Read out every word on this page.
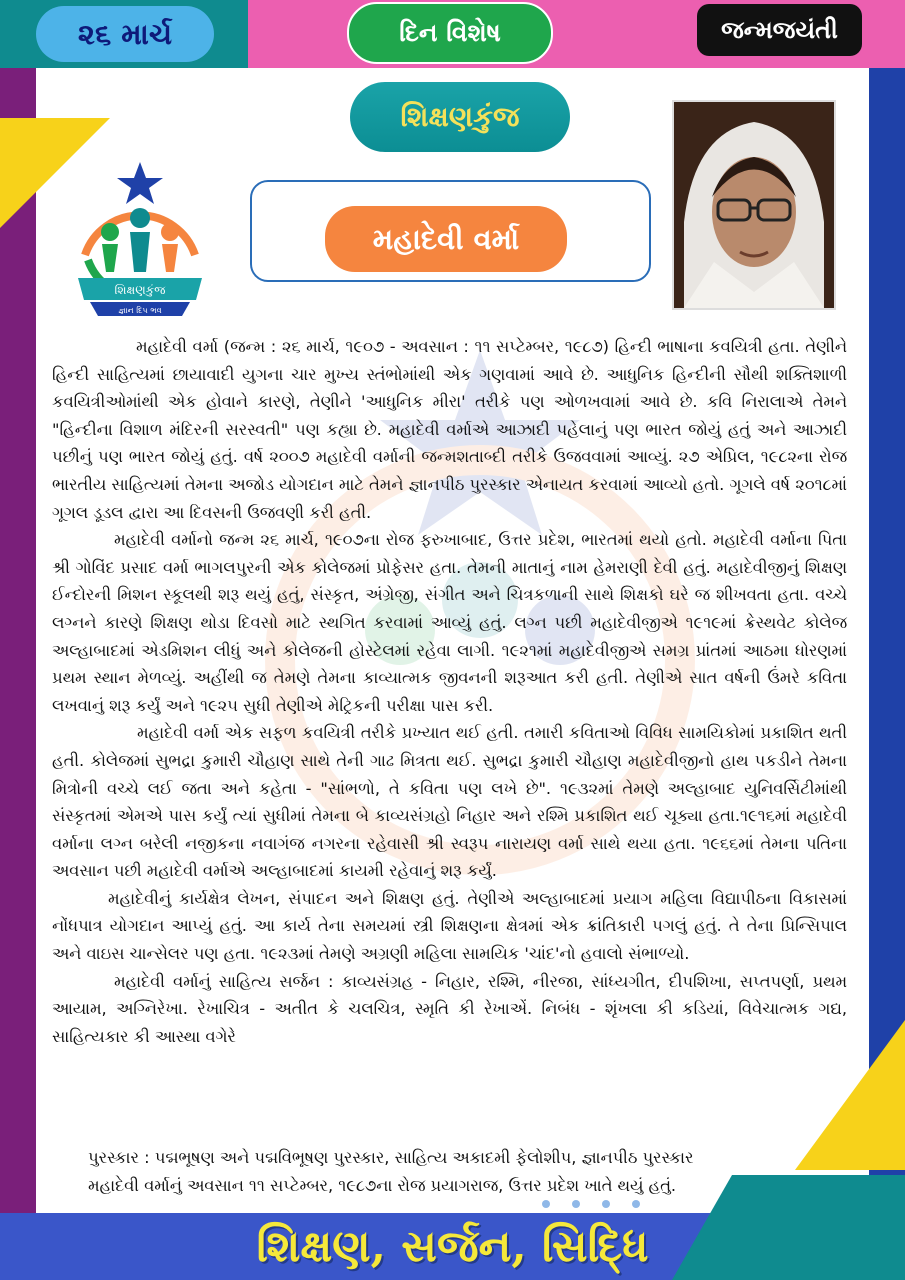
૨૬ માર્ચ	દિન વિશેષ	જન્મજયંતી
શિક્ષણકુંજ
મહાદેવી વર્મા
શિક્ષણકુંજ
જ્ઞાન દિપ ભવ

મહાદેવી વર્મા (જન્મ : ૨૬ માર્ચ, ૧૯૦૭ - અવસાન : ૧૧ સપ્ટેમ્બર, ૧૯૮૭) હિન્દી ભાષાના કવયિત્રી હતા. તેણીને હિન્દી સાહિત્યમાં છાયાવાદી યુગના ચાર મુખ્ય સ્તંભોમાંથી એક ગણવામાં આવે છે. આધુનિક હિન્દીની સૌથી શક્તિશાળી કવયિત્રીઓમાંથી એક હોવાને કારણે, તેણીને 'આધુનિક મીરા' તરીકે પણ ઓળખવામાં આવે છે. કવિ નિરાલાએ તેમને "હિન્દીના વિશાળ મંદિરની સરસ્વતી" પણ કહ્યા છે. મહાદેવી વર્માએ આઝાદી પહેલાનું પણ ભારત જોયું હતું અને આઝાદી પછીનું પણ ભારત જોયું હતું. વર્ષ ૨૦૦૭ મહાદેવી વર્માની જન્મશતાબ્દી તરીકે ઉજવવામાં આવ્યું. ૨૭ એપ્રિલ, ૧૯૮૨ના રોજ ભારતીય સાહિત્યમાં તેમના અજોડ યોગદાન માટે તેમને જ્ઞાનપીઠ પુરસ્કાર એનાયત કરવામાં આવ્યો હતો. ગૂગલે વર્ષ ૨૦૧૮માં ગૂગલ ડૂડલ દ્વારા આ દિવસની ઉજવણી કરી હતી.

મહાદેવી વર્માનો જન્મ ૨૬ માર્ચ, ૧૯૦૭ના રોજ ફરુખાબાદ, ઉત્તર પ્રદેશ, ભારતમાં થયો હતો. મહાદેવી વર્માના પિતા શ્રી ગોવિંદ પ્રસાદ વર્મા ભાગલપુરની એક કોલેજમાં પ્રોફેસર હતા. તેમની માતાનું નામ હેમરાણી દેવી હતું. મહાદેવીજીનું શિક્ષણ ઈન્દોરની મિશન સ્કૂલથી શરૂ થયું હતું, સંસ્કૃત, અંગ્રેજી, સંગીત અને ચિત્રકળાની સાથે શિક્ષકો ઘરે જ શીખવતા હતા. વચ્ચે લગ્નને કારણે શિક્ષણ થોડા દિવસો માટે સ્થગિત કરવામાં આવ્યું હતું. લગ્ન પછી મહાદેવીજીએ ૧૯૧૯માં ક્રેસ્થવેટ કોલેજ અલ્હાબાદમાં એડમિશન લીધું અને કોલેજની હોસ્ટેલમાં રહેવા લાગી. ૧૯૨૧માં મહાદેવીજીએ સમગ્ર પ્રાંતમાં આઠમા ધોરણમાં પ્રથમ સ્થાન મેળવ્યું. અહીંથી જ તેમણે તેમના કાવ્યાત્મક જીવનની શરૂઆત કરી હતી. તેણીએ સાત વર્ષની ઉંમરે કવિતા લખવાનું શરૂ કર્યું અને ૧૯૨૫ સુધી તેણીએ મેટ્રિકની પરીક્ષા પાસ કરી.

મહાદેવી વર્મા એક સફળ કવયિત્રી તરીકે પ્રખ્યાત થઈ હતી. તમારી કવિતાઓ વિવિધ સામયિકોમાં પ્રકાશિત થતી હતી. કોલેજમાં સુભદ્રા કુમારી ચૌહાણ સાથે તેની ગાઢ મિત્રતા થઈ. સુભદ્રા કુમારી ચૌહાણ મહાદેવીજીનો હાથ પકડીને તેમના મિત્રોની વચ્ચે લઈ જતા અને કહેતા - "સાંભળો, તે કવિતા પણ લખે છે". ૧૯૩૨માં તેમણે અલ્હાબાદ યુનિવર્સિટીમાંથી સંસ્કૃતમાં એમએ પાસ કર્યું ત્યાં સુધીમાં તેમના બે કાવ્યસંગ્રહો નિહાર અને રશ્મિ પ્રકાશિત થઈ ચૂક્યા હતા.૧૯૧૬માં મહાદેવી વર્માના લગ્ન બરેલી નજીકના નવાગંજ નગરના રહેવાસી શ્રી સ્વરૂપ નારાયણ વર્મા સાથે થયા હતા. ૧૯૬૬માં તેમના પતિના અવસાન પછી મહાદેવી વર્માએ અલ્હાબાદમાં કાયમી રહેવાનું શરૂ કર્યું.

મહાદેવીનું કાર્યક્ષેત્ર લેખન, સંપાદન અને શિક્ષણ હતું. તેણીએ અલ્હાબાદમાં પ્રયાગ મહિલા વિદ્યાપીઠના વિકાસમાં નોંધપાત્ર યોગદાન આપ્યું હતું. આ કાર્ય તેના સમયમાં સ્ત્રી શિક્ષણના ક્ષેત્રમાં એક ક્રાંતિકારી પગલું હતું. તે તેના પ્રિન્સિપાલ અને વાઇસ ચાન્સેલર પણ હતા. ૧૯૨૩માં તેમણે અગ્રણી મહિલા સામયિક 'ચાંદ'નો હવાલો સંભાળ્યો.

મહાદેવી વર્માનું સાહિત્ય સર્જન : કાવ્યસંગ્રહ - નિહાર, રશ્મિ, નીરજા, સાંધ્યગીત, દીપશિખા, સપ્તપર્ણા, પ્રથમ આયામ, અગ્નિરેખા. રેખાચિત્ર - અતીત કે ચલચિત્ર, સ્મૃતિ કી રેખાએં. નિબંધ - શૃંખલા કી કડિયાં, વિવેચાત્મક ગદ્ય, સાહિત્યકાર કી આસ્થા વગેરે

પુરસ્કાર : પદ્મભૂષણ અને પદ્મવિભૂષણ પુરસ્કાર, સાહિત્ય અકાદમી ફેલોશીપ, જ્ઞાનપીઠ પુરસ્કાર

મહાદેવી વર્માનું અવસાન ૧૧ સપ્ટેમ્બર, ૧૯૮૭ના રોજ પ્રયાગરાજ, ઉત્તર પ્રદેશ ખાતે થયું હતું.

શિક્ષણ, સર્જન, સિદ્ધિ
